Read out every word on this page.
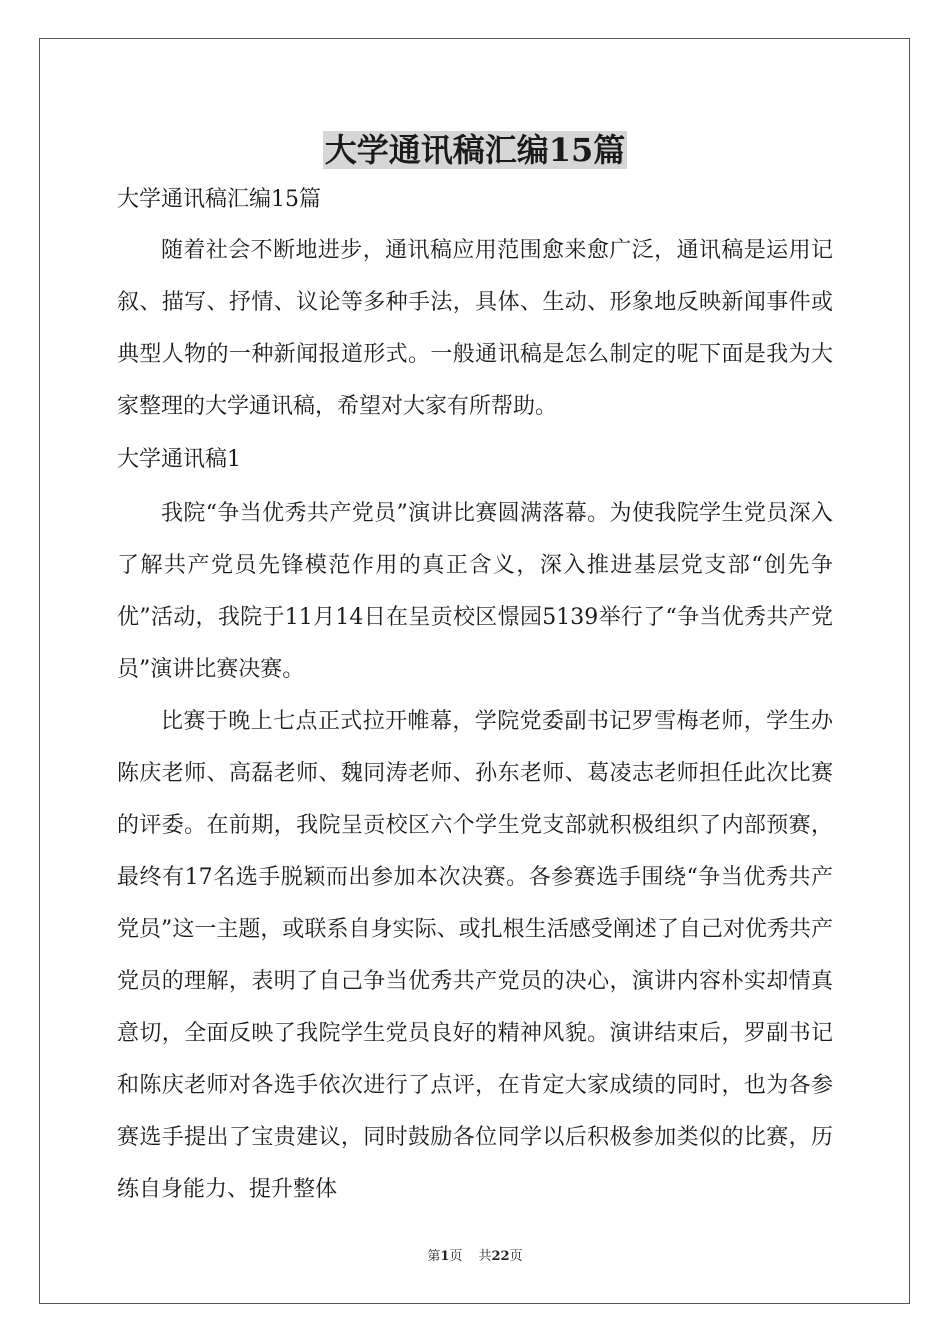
大学通讯稿汇编15篇

大学通讯稿汇编15篇

随着社会不断地进步，通讯稿应用范围愈来愈广泛，通讯稿是运用记叙、描写、抒情、议论等多种手法，具体、生动、形象地反映新闻事件或典型人物的一种新闻报道形式。一般通讯稿是怎么制定的呢下面是我为大家整理的大学通讯稿，希望对大家有所帮助。

大学通讯稿1

我院“争当优秀共产党员”演讲比赛圆满落幕。为使我院学生党员深入了解共产党员先锋模范作用的真正含义，深入推进基层党支部“创先争优”活动，我院于11月14日在呈贡校区憬园5139举行了“争当优秀共产党员”演讲比赛决赛。

比赛于晚上七点正式拉开帷幕，学院党委副书记罗雪梅老师，学生办陈庆老师、高磊老师、魏同涛老师、孙东老师、葛凌志老师担任此次比赛的评委。在前期，我院呈贡校区六个学生党支部就积极组织了内部预赛，最终有17名选手脱颖而出参加本次决赛。各参赛选手围绕“争当优秀共产党员”这一主题，或联系自身实际、或扎根生活感受阐述了自己对优秀共产党员的理解，表明了自己争当优秀共产党员的决心，演讲内容朴实却情真意切，全面反映了我院学生党员良好的精神风貌。演讲结束后，罗副书记和陈庆老师对各选手依次进行了点评，在肯定大家成绩的同时，也为各参赛选手提出了宝贵建议，同时鼓励各位同学以后积极参加类似的比赛，历练自身能力、提升整体

第1页 共22页
